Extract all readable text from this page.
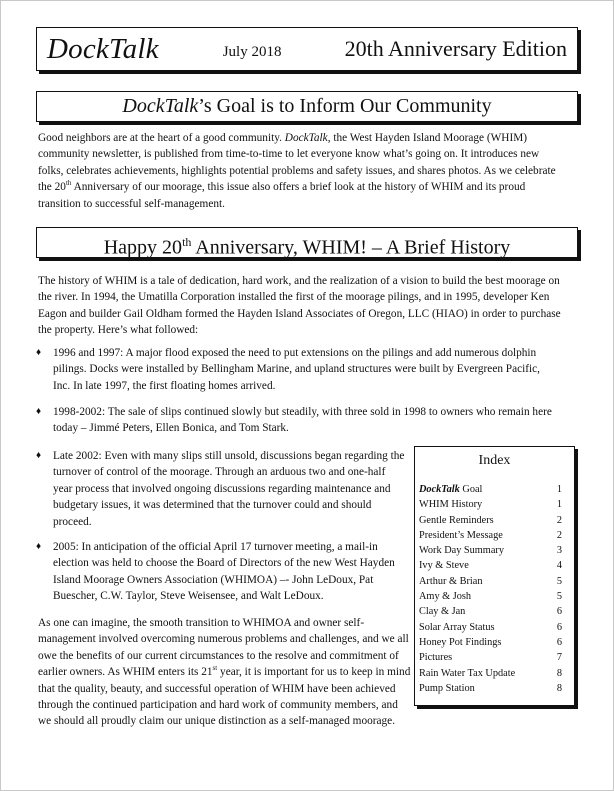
DockTalk	July 2018	20th Anniversary Edition
DockTalk’s Goal is to Inform Our Community
Good neighbors are at the heart of a good community. DockTalk, the West Hayden Island Moorage (WHIM) community newsletter, is published from time-to-time to let everyone know what’s going on. It introduces new folks, celebrates achievements, highlights potential problems and safety issues, and shares photos. As we celebrate the 20th Anniversary of our moorage, this issue also offers a brief look at the history of WHIM and its proud transition to successful self-management.
Happy 20th Anniversary, WHIM! – A Brief History
The history of WHIM is a tale of dedication, hard work, and the realization of a vision to build the best moorage on the river. In 1994, the Umatilla Corporation installed the first of the moorage pilings, and in 1995, developer Ken Eagon and builder Gail Oldham formed the Hayden Island Associates of Oregon, LLC (HIAO) in order to purchase the property. Here’s what followed:
♦ 1996 and 1997: A major flood exposed the need to put extensions on the pilings and add numerous dolphin pilings. Docks were installed by Bellingham Marine, and upland structures were built by Evergreen Pacific, Inc. In late 1997, the first floating homes arrived.
♦ 1998-2002: The sale of slips continued slowly but steadily, with three sold in 1998 to owners who remain here today – Jimmé Peters, Ellen Bonica, and Tom Stark.
♦ Late 2002: Even with many slips still unsold, discussions began regarding the turnover of control of the moorage. Through an arduous two and one-half year process that involved ongoing discussions regarding maintenance and budgetary issues, it was determined that the turnover could and should proceed.
♦ 2005: In anticipation of the official April 17 turnover meeting, a mail-in election was held to choose the Board of Directors of the new West Hayden Island Moorage Owners Association (WHIMOA) –- John LeDoux, Pat Buescher, C.W. Taylor, Steve Weisensee, and Walt LeDoux.
As one can imagine, the smooth transition to WHIMOA and owner self-management involved overcoming numerous problems and challenges, and we all owe the benefits of our current circumstances to the resolve and commitment of earlier owners. As WHIM enters its 21st year, it is important for us to keep in mind that the quality, beauty, and successful operation of WHIM have been achieved through the continued participation and hard work of community members, and we should all proudly claim our unique distinction as a self-managed moorage.
Index
DockTalk Goal	1
WHIM History	1
Gentle Reminders	2
President’s Message	2
Work Day Summary	3
Ivy & Steve	4
Arthur & Brian	5
Amy & Josh	5
Clay & Jan	6
Solar Array Status	6
Honey Pot Findings	6
Pictures	7
Rain Water Tax Update	8
Pump Station	8
